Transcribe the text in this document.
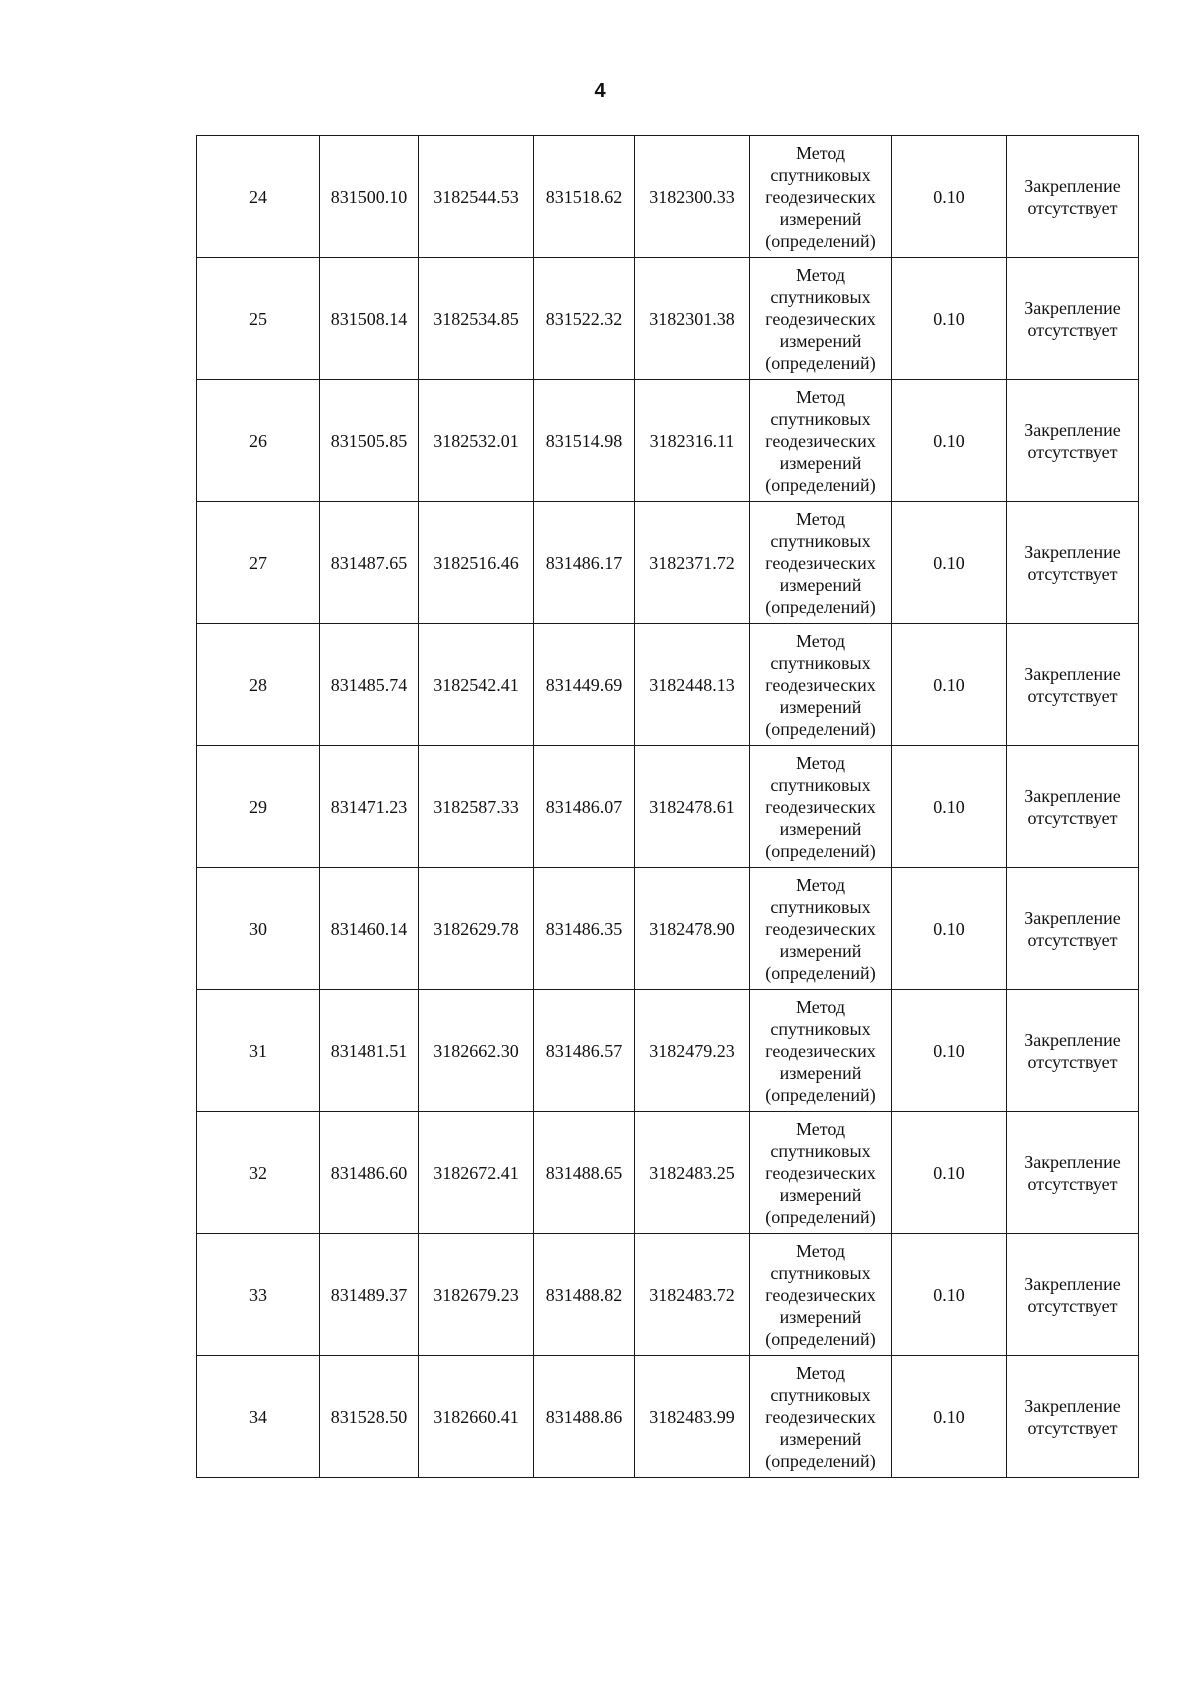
4
24	831500.10	3182544.53	831518.62	3182300.33	Метод спутниковых геодезических измерений (определений)	0.10	Закрепление отсутствует
25	831508.14	3182534.85	831522.32	3182301.38	Метод спутниковых геодезических измерений (определений)	0.10	Закрепление отсутствует
26	831505.85	3182532.01	831514.98	3182316.11	Метод спутниковых геодезических измерений (определений)	0.10	Закрепление отсутствует
27	831487.65	3182516.46	831486.17	3182371.72	Метод спутниковых геодезических измерений (определений)	0.10	Закрепление отсутствует
28	831485.74	3182542.41	831449.69	3182448.13	Метод спутниковых геодезических измерений (определений)	0.10	Закрепление отсутствует
29	831471.23	3182587.33	831486.07	3182478.61	Метод спутниковых геодезических измерений (определений)	0.10	Закрепление отсутствует
30	831460.14	3182629.78	831486.35	3182478.90	Метод спутниковых геодезических измерений (определений)	0.10	Закрепление отсутствует
31	831481.51	3182662.30	831486.57	3182479.23	Метод спутниковых геодезических измерений (определений)	0.10	Закрепление отсутствует
32	831486.60	3182672.41	831488.65	3182483.25	Метод спутниковых геодезических измерений (определений)	0.10	Закрепление отсутствует
33	831489.37	3182679.23	831488.82	3182483.72	Метод спутниковых геодезических измерений (определений)	0.10	Закрепление отсутствует
34	831528.50	3182660.41	831488.86	3182483.99	Метод спутниковых геодезических измерений (определений)	0.10	Закрепление отсутствует
